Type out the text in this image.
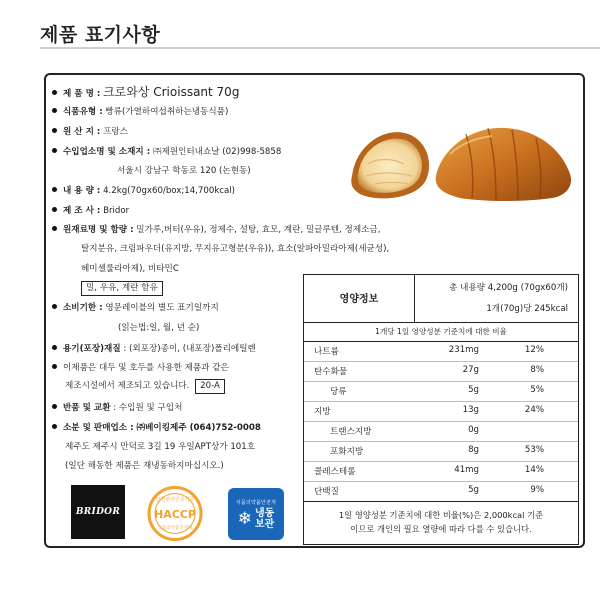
제품 표기사항
제 품 명 : 크로와상 Crioissant 70g
식품유형 : 빵류(가열하여섭취하는냉동식품)
원 산 지 : 프랑스
수입업소명 및 소재지 : ㈜제원인터내쇼날 (02)998-5858
서울시 강남구 학동로 120 (논현동)
내 용 량 : 4.2kg(70gx60/box;14,700kcal)
제 조 사 : Bridor
원재료명 및 함량 : 밀가루,버터(우유), 정제수, 설탕, 효모, 계란, 밀글루텐, 정제소금,
탈지분유, 크림파우더(유지방, 무지유고형분(우유)), 효소(알파아밀라아제(세균성),
헤미셀룰라아제), 비타민C
밀, 우유, 계란 함유
소비기한 : 영문레이블의 별도 표기일까지
(읽는법:일, 월, 년 순)
용기(포장)재질 : (외포장)종이, (내포장)폴리에틸렌
이제품은 대두 및 호두를 사용한 제품과 같은
제조시설에서 제조되고 있습니다. 20-A
반품 및 교환 : 수입원 및 구입처
소분 및 판매업소 : ㈜베이킹제주 (064)752-0008
제주도 제주시 만덕로 3길 19 우일APT상가 101호
(일단 해동한 제품은 재냉동하지마십시오.)
영양정보
총 내용량 4,200g (70gx60개)
1개(70g)당 245kcal
1개당 1일 영양성분 기준치에 대한 비율
나트륨	231mg	12%
탄수화물	27g	8%
당류	5g	5%
지방	13g	24%
트랜스지방	0g
포화지방	8g	53%
콜레스테롤	41mg	14%
단백질	5g	9%
1일 영양성분 기준치에 대한 비율(%)은 2,000kcal 기준
이므로 개인의 필요 열량에 따라 다를 수 있습니다.
BRIDOR
안전관리인증기준
HACCP
식품의약품안전처
식품의약품안전처
❄ 냉동
보관
